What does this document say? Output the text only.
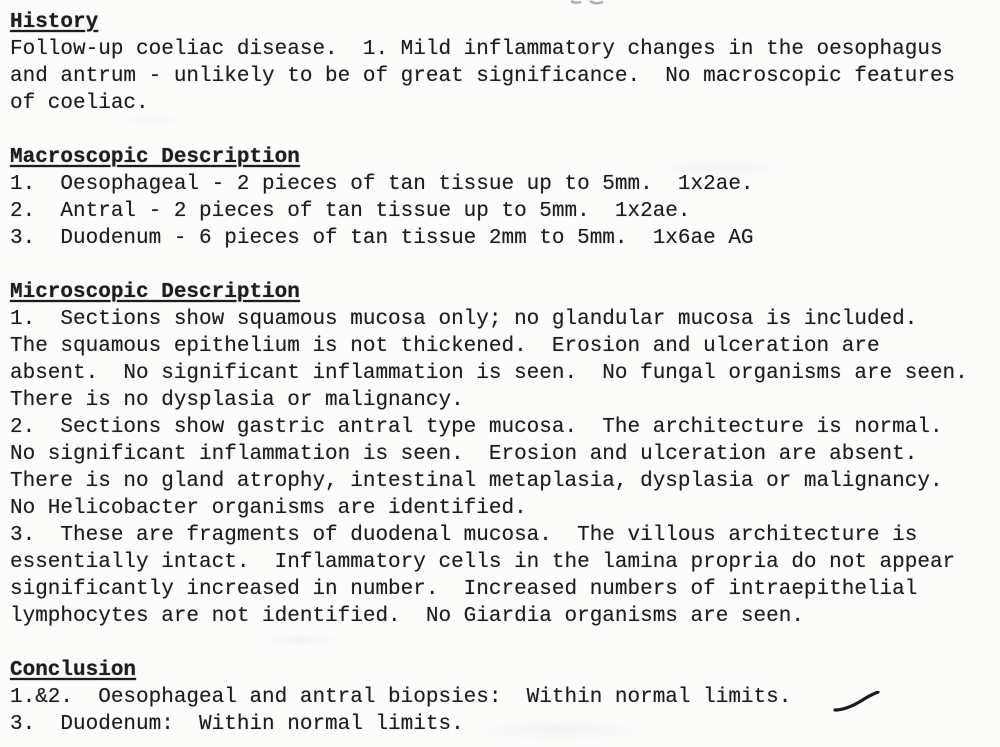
History
Follow-up coeliac disease.  1. Mild inflammatory changes in the oesophagus
and antrum - unlikely to be of great significance.  No macroscopic features
of coeliac.
Macroscopic Description
1.  Oesophageal - 2 pieces of tan tissue up to 5mm.  1x2ae.
2.  Antral - 2 pieces of tan tissue up to 5mm.  1x2ae.
3.  Duodenum - 6 pieces of tan tissue 2mm to 5mm.  1x6ae AG
Microscopic Description
1.  Sections show squamous mucosa only; no glandular mucosa is included.
The squamous epithelium is not thickened.  Erosion and ulceration are
absent.  No significant inflammation is seen.  No fungal organisms are seen.
There is no dysplasia or malignancy.
2.  Sections show gastric antral type mucosa.  The architecture is normal.
No significant inflammation is seen.  Erosion and ulceration are absent.
There is no gland atrophy, intestinal metaplasia, dysplasia or malignancy.
No Helicobacter organisms are identified.
3.  These are fragments of duodenal mucosa.  The villous architecture is
essentially intact.  Inflammatory cells in the lamina propria do not appear
significantly increased in number.  Increased numbers of intraepithelial
lymphocytes are not identified.  No Giardia organisms are seen.
Conclusion
1.&2.  Oesophageal and antral biopsies:  Within normal limits.
3.  Duodenum:  Within normal limits.
